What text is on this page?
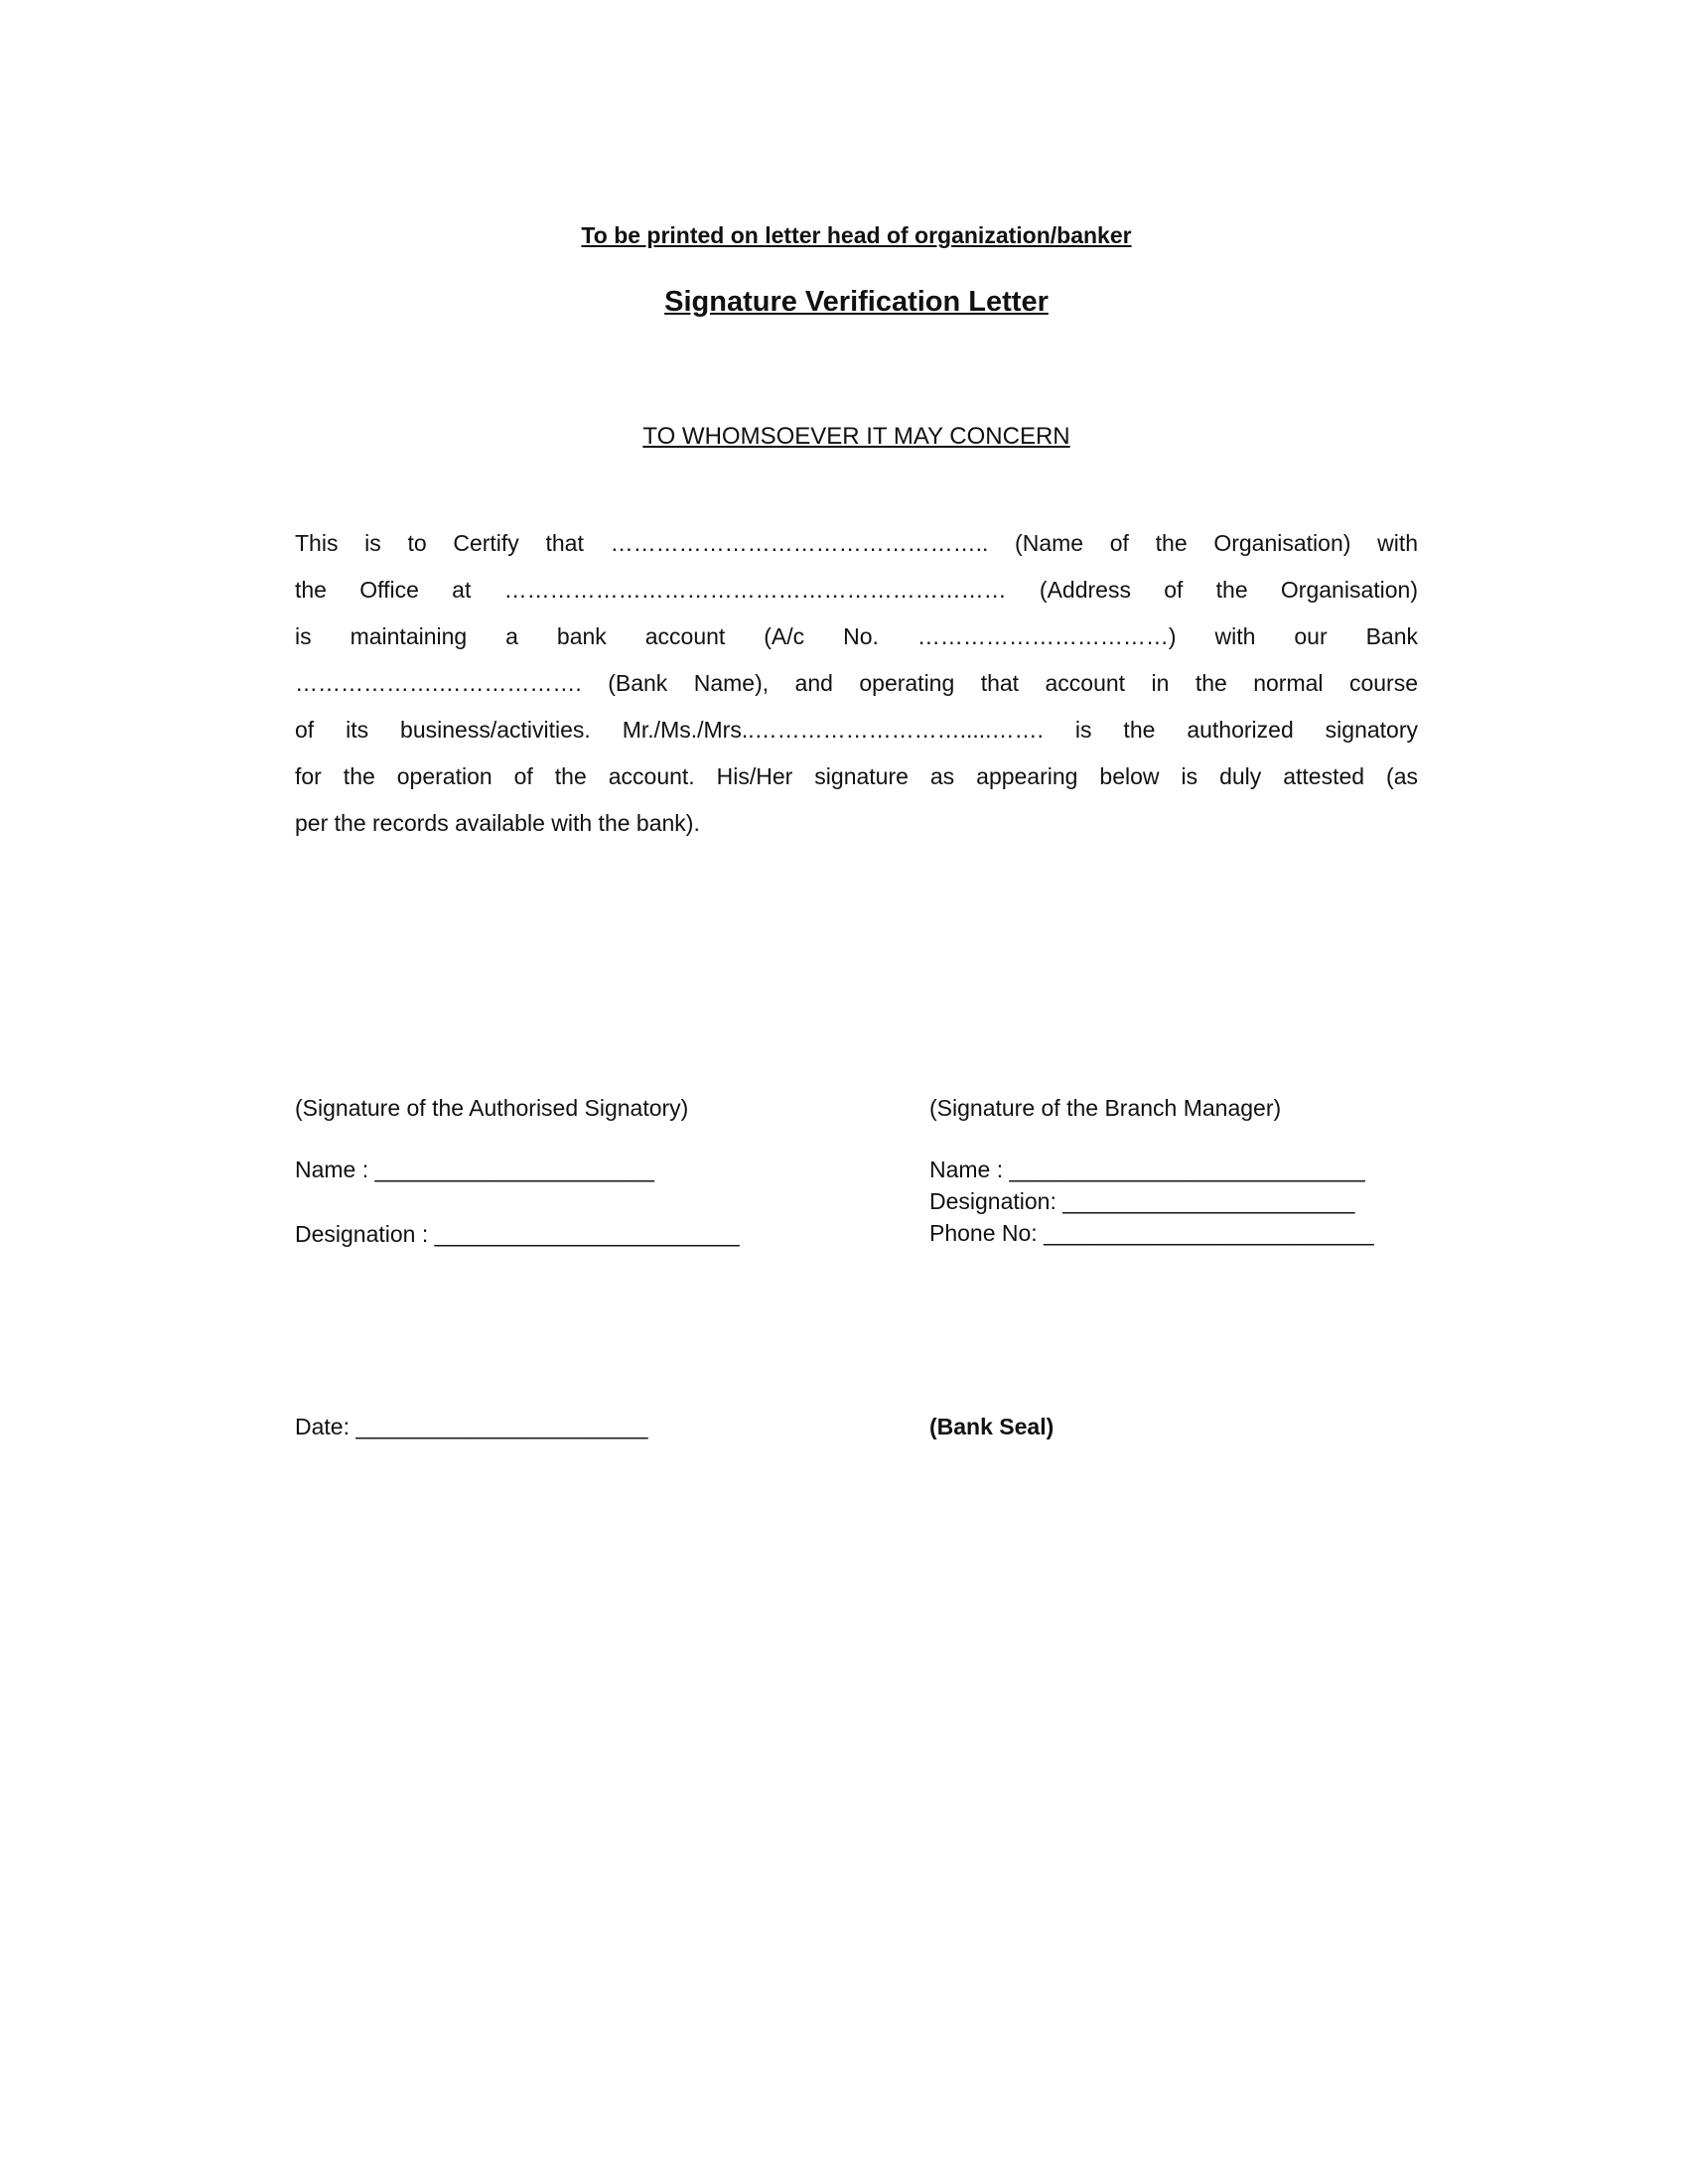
To be printed on letter head of organization/banker
Signature Verification Letter
TO WHOMSOEVER IT MAY CONCERN
This is to Certify that ………………………………………….. (Name of the Organisation) with
the Office at ………………………………………………………… (Address of the Organisation)
is maintaining a bank account (A/c No. ……………………………) with our Bank
……………….………………. (Bank Name), and operating that account in the normal course
of its business/activities. Mr./Ms./Mrs..……………………….....……. is the authorized signatory
for the operation of the account. His/Her signature as appearing below is duly attested (as
per the records available with the bank).
(Signature of the Authorised Signatory)
Name : ______________________
Designation : ________________________
(Signature of the Branch Manager)
Name : ____________________________
Designation: _______________________
Phone No: __________________________
Date: _______________________	(Bank Seal)
